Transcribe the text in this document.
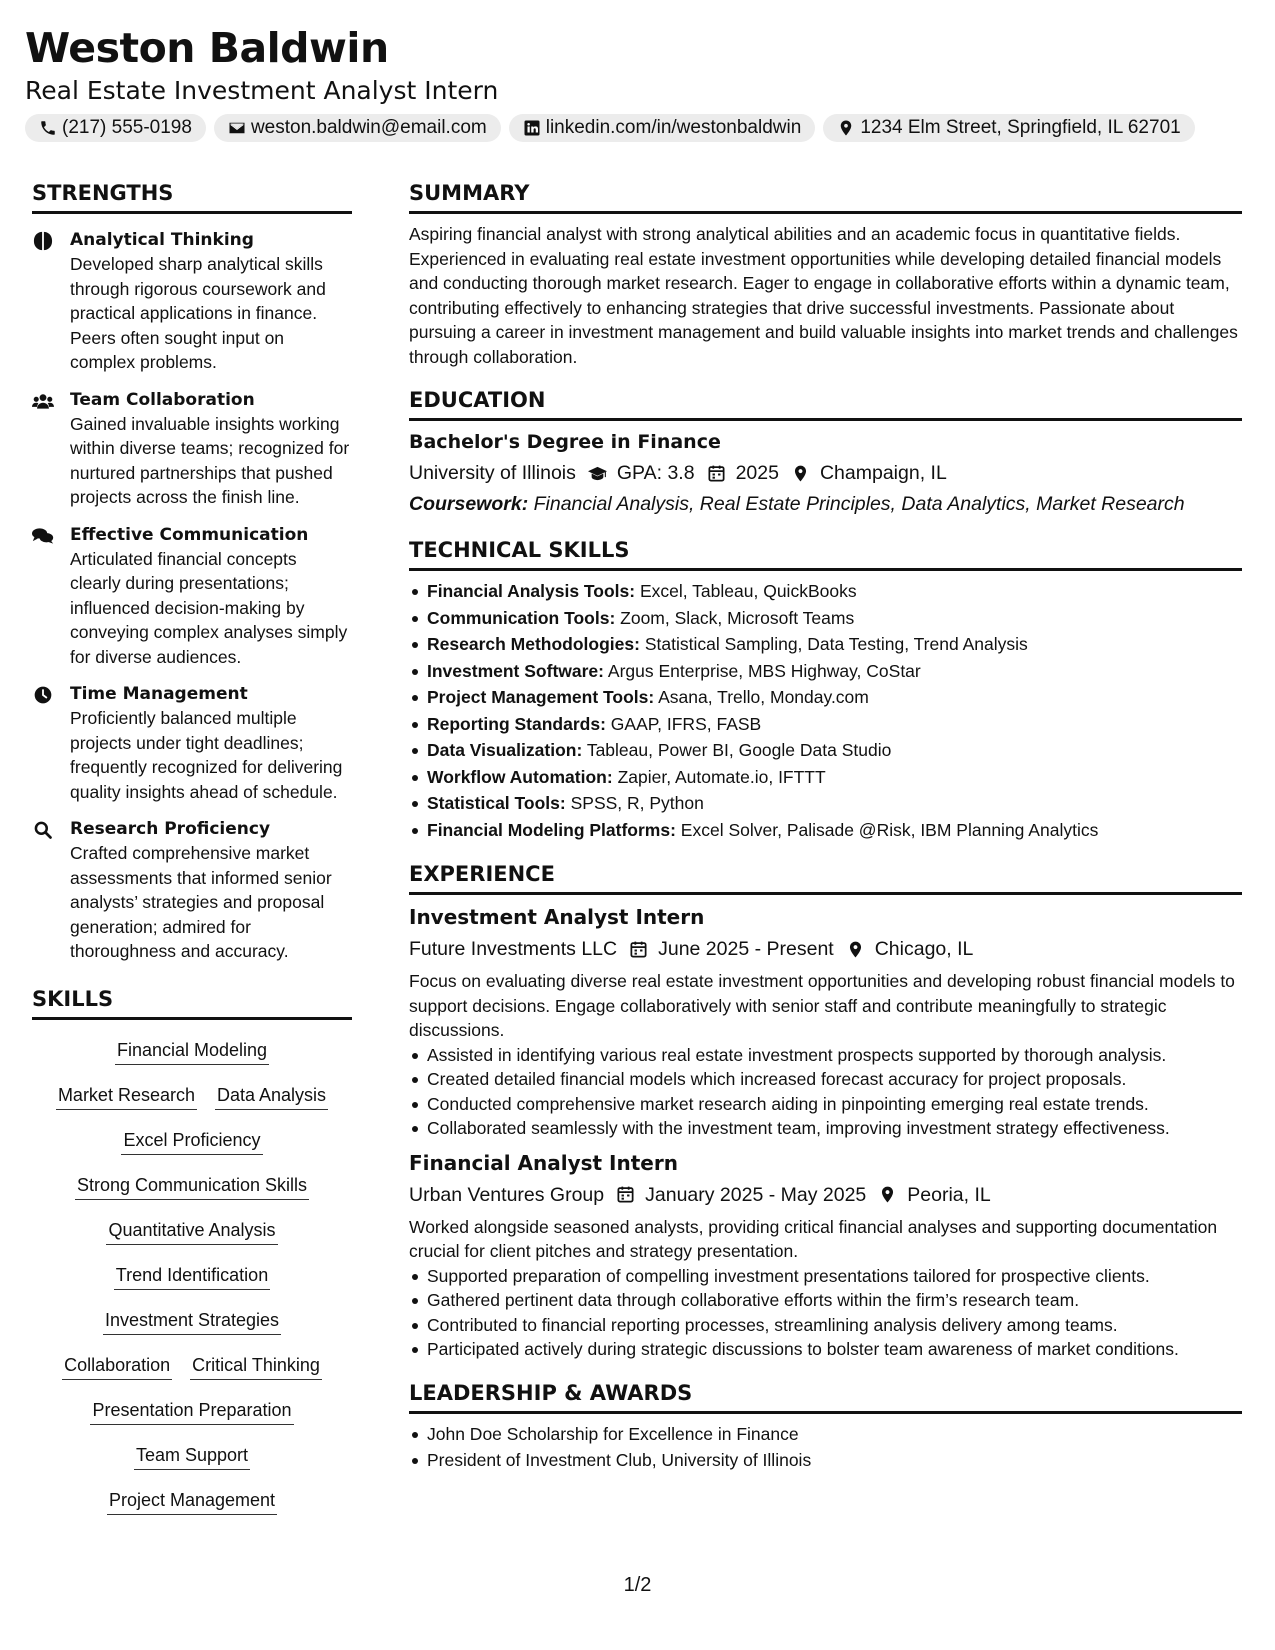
Weston Baldwin
Real Estate Investment Analyst Intern
(217) 555-0198	weston.baldwin@email.com	linkedin.com/in/westonbaldwin	1234 Elm Street, Springfield, IL 62701
STRENGTHS
Analytical Thinking
Developed sharp analytical skills through rigorous coursework and practical applications in finance. Peers often sought input on complex problems.
Team Collaboration
Gained invaluable insights working within diverse teams; recognized for nurtured partnerships that pushed projects across the finish line.
Effective Communication
Articulated financial concepts clearly during presentations; influenced decision-making by conveying complex analyses simply for diverse audiences.
Time Management
Proficiently balanced multiple projects under tight deadlines; frequently recognized for delivering quality insights ahead of schedule.
Research Proficiency
Crafted comprehensive market assessments that informed senior analysts’ strategies and proposal generation; admired for thoroughness and accuracy.
SKILLS
Financial Modeling
Market Research Data Analysis
Excel Proficiency
Strong Communication Skills
Quantitative Analysis
Trend Identification
Investment Strategies
Collaboration Critical Thinking
Presentation Preparation
Team Support
Project Management
SUMMARY
Aspiring financial analyst with strong analytical abilities and an academic focus in quantitative fields. Experienced in evaluating real estate investment opportunities while developing detailed financial models and conducting thorough market research. Eager to engage in collaborative efforts within a dynamic team, contributing effectively to enhancing strategies that drive successful investments. Passionate about pursuing a career in investment management and build valuable insights into market trends and challenges through collaboration.
EDUCATION
Bachelor's Degree in Finance
University of Illinois GPA: 3.8 2025 Champaign, IL
Coursework: Financial Analysis, Real Estate Principles, Data Analytics, Market Research
TECHNICAL SKILLS
Financial Analysis Tools: Excel, Tableau, QuickBooks
Communication Tools: Zoom, Slack, Microsoft Teams
Research Methodologies: Statistical Sampling, Data Testing, Trend Analysis
Investment Software: Argus Enterprise, MBS Highway, CoStar
Project Management Tools: Asana, Trello, Monday.com
Reporting Standards: GAAP, IFRS, FASB
Data Visualization: Tableau, Power BI, Google Data Studio
Workflow Automation: Zapier, Automate.io, IFTTT
Statistical Tools: SPSS, R, Python
Financial Modeling Platforms: Excel Solver, Palisade @Risk, IBM Planning Analytics
EXPERIENCE
Investment Analyst Intern
Future Investments LLC June 2025 - Present Chicago, IL
Focus on evaluating diverse real estate investment opportunities and developing robust financial models to support decisions. Engage collaboratively with senior staff and contribute meaningfully to strategic discussions.
Assisted in identifying various real estate investment prospects supported by thorough analysis.
Created detailed financial models which increased forecast accuracy for project proposals.
Conducted comprehensive market research aiding in pinpointing emerging real estate trends.
Collaborated seamlessly with the investment team, improving investment strategy effectiveness.
Financial Analyst Intern
Urban Ventures Group January 2025 - May 2025 Peoria, IL
Worked alongside seasoned analysts, providing critical financial analyses and supporting documentation crucial for client pitches and strategy presentation.
Supported preparation of compelling investment presentations tailored for prospective clients.
Gathered pertinent data through collaborative efforts within the firm’s research team.
Contributed to financial reporting processes, streamlining analysis delivery among teams.
Participated actively during strategic discussions to bolster team awareness of market conditions.
LEADERSHIP & AWARDS
John Doe Scholarship for Excellence in Finance
President of Investment Club, University of Illinois
1/2
